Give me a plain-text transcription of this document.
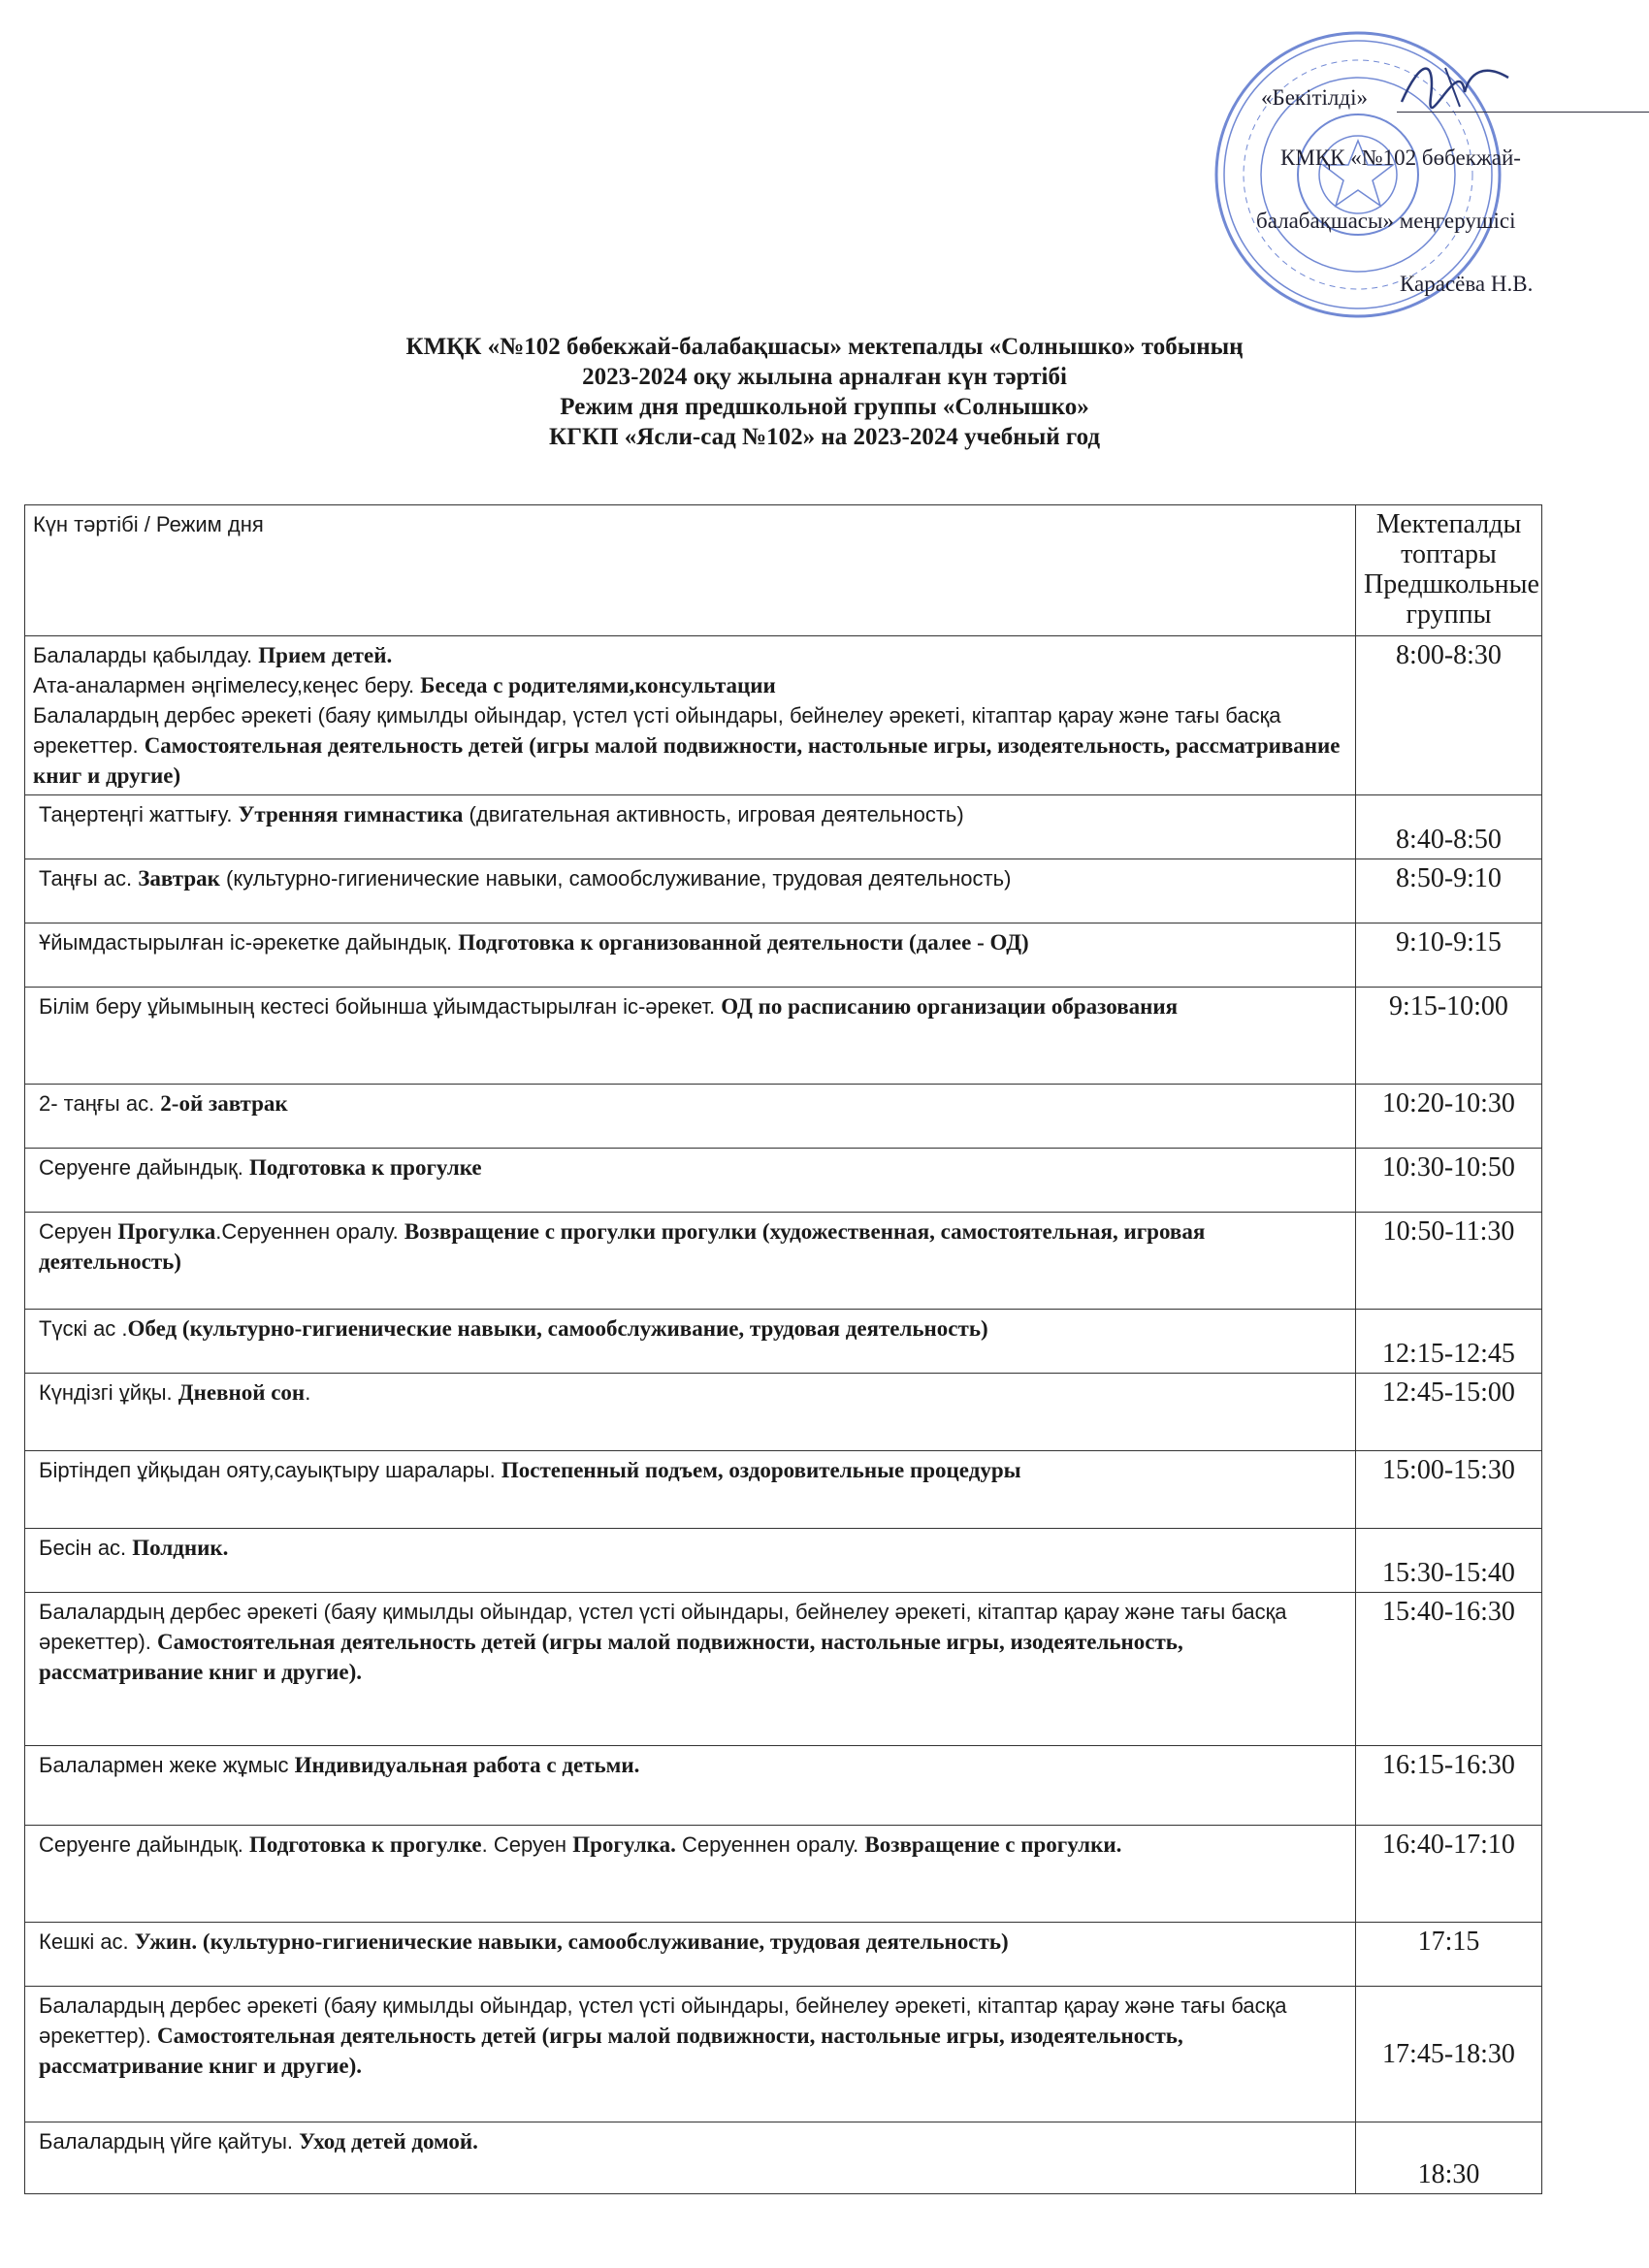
«Бекітілді»
КМҚК «№102 бөбекжай-
балабақшасы» меңгерушісі
Карасёва Н.В.
КМҚК «№102 бөбекжай-балабақшасы» мектепалды «Солнышко» тобының
2023-2024 оқу жылына арналған күн тәртібі
Режим дня предшкольной группы «Солнышко»
КГКП «Ясли-сад №102» на 2023-2024 учебный год
Күн тәртібі / Режим дня	Мектепалды
топтары
Предшкольные
группы

Балаларды қабылдау. Прием детей.
Ата-аналармен әңгімелесу,кеңес беру. Беседа с родителями,консультации
Балалардың дербес әрекеті (баяу қимылды ойындар, үстел үсті ойындары, бейнелеу әрекеті, кітаптар қарау және тағы басқа әрекеттер. Самостоятельная деятельность детей (игры малой подвижности, настольные игры, изодеятельность, рассматривание книг и другие)	8:00-8:30
Таңертеңгі жаттығу. Утренняя гимнастика (двигательная активность, игровая деятельность)	8:40-8:50
Таңғы ас. Завтрак (культурно-гигиенические навыки, самообслуживание, трудовая деятельность)	8:50-9:10
Ұйымдастырылған іс-әрекетке дайындық. Подготовка к организованной деятельности (далее - ОД)	9:10-9:15
Білім беру ұйымының кестесі бойынша ұйымдастырылған іс-әрекет. ОД по расписанию организации образования	9:15-10:00
2- таңғы ас. 2-ой завтрак	10:20-10:30
Серуенге дайындық. Подготовка к прогулке	10:30-10:50
Серуен Прогулка.Серуеннен оралу. Возвращение с прогулки прогулки (художественная, самостоятельная, игровая деятельность)	10:50-11:30
Түскі ас .Обед (культурно-гигиенические навыки, самообслуживание, трудовая деятельность)	12:15-12:45
Күндізгі ұйқы. Дневной сон.	12:45-15:00
Біртіндеп ұйқыдан ояту,сауықтыру шаралары. Постепенный подъем, оздоровительные процедуры	15:00-15:30
Бесін ас. Полдник.	15:30-15:40
Балалардың дербес әрекеті (баяу қимылды ойындар, үстел үсті ойындары, бейнелеу әрекеті, кітаптар қарау және тағы басқа әрекеттер). Самостоятельная деятельность детей (игры малой подвижности, настольные игры, изодеятельность, рассматривание книг и другие).	15:40-16:30
Балалармен жеке жұмыс Индивидуальная работа с детьми.	16:15-16:30
Серуенге дайындық. Подготовка к прогулке. Серуен Прогулка. Серуеннен оралу. Возвращение с прогулки.	16:40-17:10
Кешкі ас. Ужин. (культурно-гигиенические навыки, самообслуживание, трудовая деятельность)	17:15
Балалардың дербес әрекеті (баяу қимылды ойындар, үстел үсті ойындары, бейнелеу әрекеті, кітаптар қарау және тағы басқа әрекеттер). Самостоятельная деятельность детей (игры малой подвижности, настольные игры, изодеятельность, рассматривание книг и другие).	17:45-18:30
Балалардың үйге қайтуы. Уход детей домой.	18:30
